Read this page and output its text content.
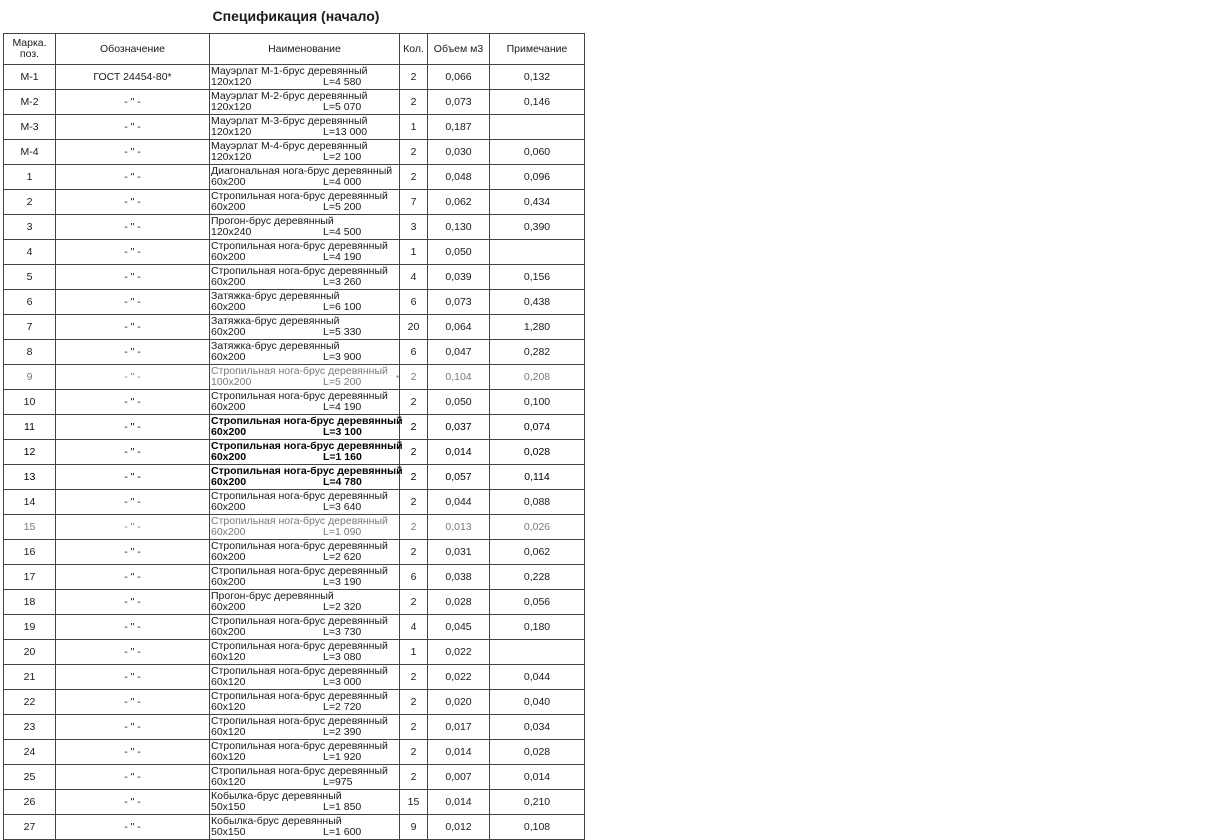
Спецификация (начало)
Марка. поз.	Обозначение	Наименование	Кол.	Объем м3	Примечание
М-1	ГОСТ 24454-80*	Мауэрлат М-1-брус деревянный
120x120 L=4 580	2	0,066	0,132
М-2	- " -	Мауэрлат М-2-брус деревянный
120x120 L=5 070	2	0,073	0,146
М-3	- " -	Мауэрлат М-3-брус деревянный
120x120 L=13 000	1	0,187	
М-4	- " -	Мауэрлат М-4-брус деревянный
120x120 L=2 100	2	0,030	0,060
1	- " -	Диагональная нога-брус деревянный
60x200 L=4 000	2	0,048	0,096
2	- " -	Стропильная нога-брус деревянный
60x200 L=5 200	7	0,062	0,434
3	- " -	Прогон-брус деревянный
120x240 L=4 500	3	0,130	0,390
4	- " -	Стропильная нога-брус деревянный
60x200 L=4 190	1	0,050	
5	- " -	Стропильная нога-брус деревянный
60x200 L=3 260	4	0,039	0,156
6	- " -	Затяжка-брус деревянный
60x200 L=6 100	6	0,073	0,438
7	- " -	Затяжка-брус деревянный
60x200 L=5 330	20	0,064	1,280
8	- " -	Затяжка-брус деревянный
60x200 L=3 900	6	0,047	0,282
9	- " -	Стропильная нога-брус деревянный
100x200 L=5 200	2	0,104	0,208
10	- " -	Стропильная нога-брус деревянный
60x200 L=4 190	2	0,050	0,100
11	- " -	Стропильная нога-брус деревянный
60x200 L=3 100	2	0,037	0,074
12	- " -	Стропильная нога-брус деревянный
60x200 L=1 160	2	0,014	0,028
13	- " -	Стропильная нога-брус деревянный
60x200 L=4 780	2	0,057	0,114
14	- " -	Стропильная нога-брус деревянный
60x200 L=3 640	2	0,044	0,088
15	- " -	Стропильная нога-брус деревянный
60x200 L=1 090	2	0,013	0,026
16	- " -	Стропильная нога-брус деревянный
60x200 L=2 620	2	0,031	0,062
17	- " -	Стропильная нога-брус деревянный
60x200 L=3 190	6	0,038	0,228
18	- " -	Прогон-брус деревянный
60x200 L=2 320	2	0,028	0,056
19	- " -	Стропильная нога-брус деревянный
60x200 L=3 730	4	0,045	0,180
20	- " -	Стропильная нога-брус деревянный
60x120 L=3 080	1	0,022	
21	- " -	Стропильная нога-брус деревянный
60x120 L=3 000	2	0,022	0,044
22	- " -	Стропильная нога-брус деревянный
60x120 L=2 720	2	0,020	0,040
23	- " -	Стропильная нога-брус деревянный
60x120 L=2 390	2	0,017	0,034
24	- " -	Стропильная нога-брус деревянный
60x120 L=1 920	2	0,014	0,028
25	- " -	Стропильная нога-брус деревянный
60x120 L=975	2	0,007	0,014
26	- " -	Кобылка-брус деревянный
50x150 L=1 850	15	0,014	0,210
27	- " -	Кобылка-брус деревянный
50x150 L=1 600	9	0,012	0,108
*
